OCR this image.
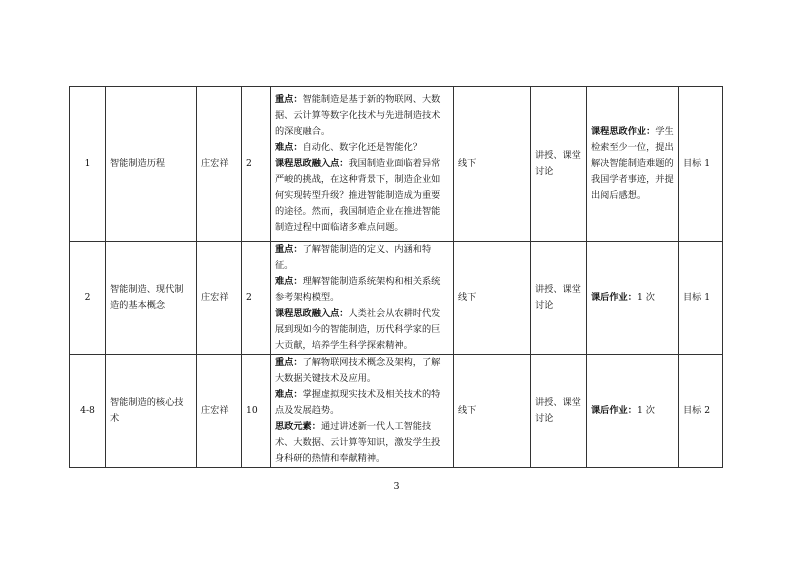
1	智能制造历程	庄宏祥	2	重点：智能制造是基于新的物联网、大数据、云计算等数字化技术与先进制造技术的深度融合。
难点：自动化、数字化还是智能化？
课程思政融入点：我国制造业面临着异常严峻的挑战，在这种背景下，制造企业如何实现转型升级？推进智能制造成为重要的途径。然而，我国制造企业在推进智能制造过程中面临诸多难点问题。	线下	讲授、课堂讨论	课程思政作业：学生检索至少一位，提出解决智能制造难题的我国学者事迹，并提出阅后感想。	目标 1
2	智能制造、现代制造的基本概念	庄宏祥	2	重点：了解智能制造的定义、内涵和特征。
难点：理解智能制造系统架构和相关系统参考架构模型。
课程思政融入点：人类社会从农耕时代发展到现如今的智能制造，历代科学家的巨大贡献，培养学生科学探索精神。	线下	讲授、课堂讨论	课后作业：1 次	目标 1
4-8	智能制造的核心技术	庄宏祥	10	重点：了解物联网技术概念及架构，了解大数据关键技术及应用。
难点：掌握虚拟现实技术及相关技术的特点及发展趋势。
思政元素：通过讲述新一代人工智能技术、大数据、云计算等知识，激发学生投身科研的热情和奉献精神。	线下	讲授、课堂讨论	课后作业：1 次	目标 2
3
